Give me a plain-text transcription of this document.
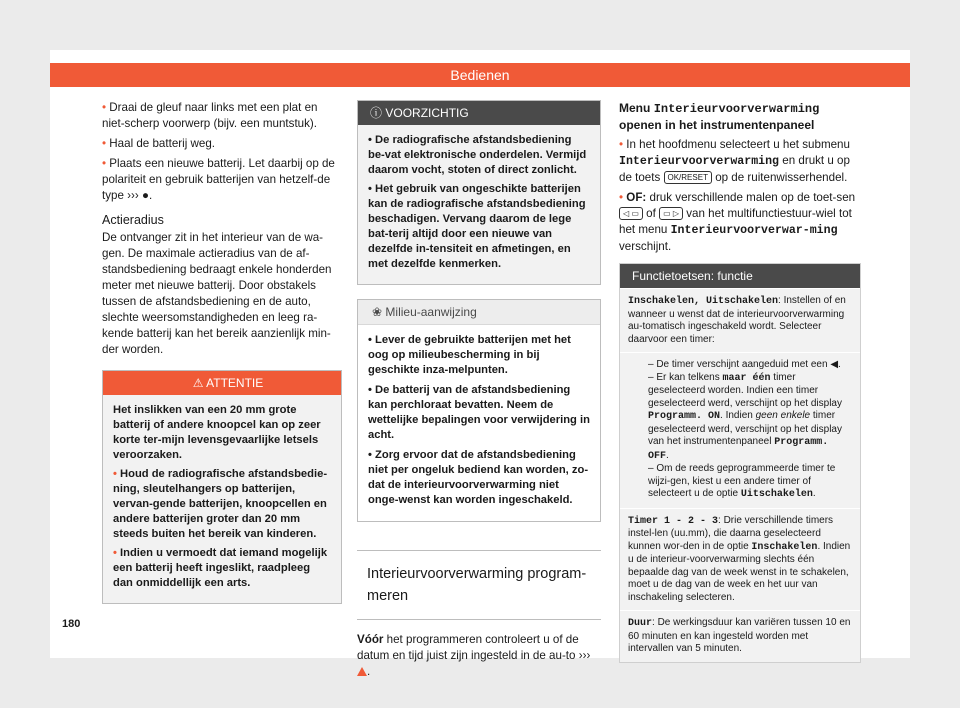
Bedienen

• Draai de gleuf naar links met een plat en niet-scherp voorwerp (bijv. een muntstuk).

• Haal de batterij weg.

• Plaats een nieuwe batterij. Let daarbij op de polariteit en gebruik batterijen van hetzelf-de type ››› ●.

Actieradius

De ontvanger zit in het interieur van de wa-gen. De maximale actieradius van de af-standsbediening bedraagt enkele honderden meter met nieuwe batterij. Door obstakels tussen de afstandsbediening en de auto, slechte weersomstandigheden en leeg ra-kende batterij kan het bereik aanzienlijk min-der worden.

⚠ ATTENTIE

Het inslikken van een 20 mm grote batterij of andere knoopcel kan op zeer korte ter-mijn levensgevaarlijke letsels veroorzaken.

• Houd de radiografische afstandsbedie-ning, sleutelhangers op batterijen, vervan-gende batterijen, knoopcellen en andere batterijen groter dan 20 mm steeds buiten het bereik van kinderen.

• Indien u vermoedt dat iemand mogelijk een batterij heeft ingeslikt, raadpleeg dan onmiddellijk een arts.

ⓘ VOORZICHTIG

• De radiografische afstandsbediening be-vat elektronische onderdelen. Vermijd daarom vocht, stoten of direct zonlicht.

• Het gebruik van ongeschikte batterijen kan de radiografische afstandsbediening beschadigen. Vervang daarom de lege bat-terij altijd door een nieuwe van dezelfde in-tensiteit en afmetingen, en met dezelfde kenmerken.

❀ Milieu-aanwijzing

• Lever de gebruikte batterijen met het oog op milieubescherming in bij geschikte inza-melpunten.

• De batterij van de afstandsbediening kan perchloraat bevatten. Neem de wettelijke bepalingen voor verwijdering in acht.

• Zorg ervoor dat de afstandsbediening niet per ongeluk bediend kan worden, zo-dat de interieurvoorverwarming niet onge-wenst kan worden ingeschakeld.

Interieurvoorverwarming program-meren

Vóór het programmeren controleert u of de datum en tijd juist zijn ingesteld in de au-to ››› .

Menu Interieurvoorverwarming openen in het instrumentenpaneel

• In het hoofdmenu selecteert u het submenu Interieurvoorverwarming en drukt u op de toets OK/RESET op de ruitenwisserhendel.

• OF: druk verschillende malen op de toet-sen ◁ ▭ of ▭ ▷ van het multifunctiestuur-wiel tot het menu Interieurvoorverwar-ming verschijnt.

Functietoetsen: functie
Inschakelen, Uitschakelen: Instellen of en wanneer u wenst dat de interieurvoorverwarming au-tomatisch ingeschakeld wordt. Selecteer daarvoor een timer:
– De timer verschijnt aangeduid met een ◀.
– Er kan telkens maar één timer geselecteerd worden. Indien een timer geselecteerd werd, verschijnt op het display Programm. ON. Indien geen enkele timer geselecteerd werd, verschijnt op het display van het instrumentenpaneel Programm. OFF.
– Om de reeds geprogrammeerde timer te wijzi-gen, kiest u een andere timer of selecteert u de optie Uitschakelen.
Timer 1 - 2 - 3: Drie verschillende timers instel-len (uu.mm), die daarna geselecteerd kunnen wor-den in de optie Inschakelen. Indien u de interieur-voorverwarming slechts één bepaalde dag van de week wenst in te schakelen, moet u de dag van de week en het uur van inschakeling selecteren.
Duur: De werkingsduur kan variëren tussen 10 en 60 minuten en kan ingesteld worden met intervallen van 5 minuten.
180
